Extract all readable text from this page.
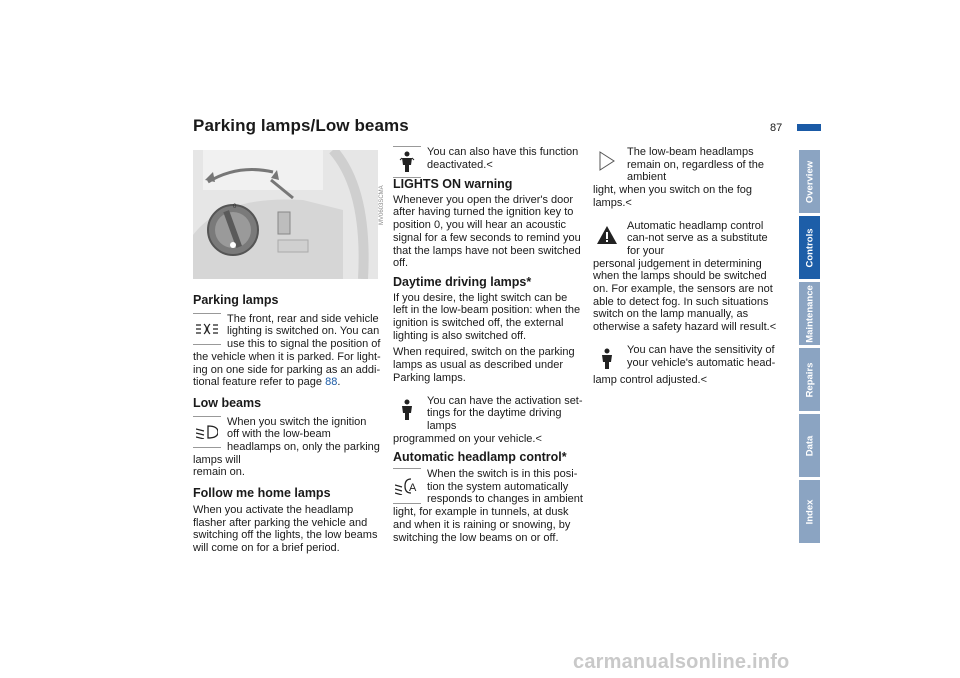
Parking lamps/Low beams	87
0	MV0603SCMA
Parking lamps

The front, rear and side vehicle lighting is switched on. You can use this to signal the position of

the vehicle when it is parked. For light-ing on one side for parking as an addi-tional feature refer to page 88.

Low beams

When you switch the ignition off with the low-beam headlamps on, only the parking lamps will

remain on.

Follow me home lamps

When you activate the headlamp flasher after parking the vehicle and switching off the lights, the low beams will come on for a brief period.

You can also have this function deactivated.<

LIGHTS ON warning

Whenever you open the driver's door after having turned the ignition key to position 0, you will hear an acoustic signal for a few seconds to remind you that the lamps have not been switched off.

Daytime driving lamps*

If you desire, the light switch can be left in the low-beam position: when the ignition is switched off, the external lighting is also switched off.

When required, switch on the parking lamps as usual as described under Parking lamps.

You can have the activation set-tings for the daytime driving lamps

programmed on your vehicle.<

Automatic headlamp control*
A

When the switch is in this posi-tion the system automatically responds to changes in ambient

light, for example in tunnels, at dusk and when it is raining or snowing, by switching the low beams on or off.

The low-beam headlamps remain on, regardless of the ambient

light, when you switch on the fog lamps.<

Automatic headlamp control can-not serve as a substitute for your

personal judgement in determining when the lamps should be switched on. For example, the sensors are not able to detect fog. In such situations switch on the lamp manually, as otherwise a safety hazard will result.<

You can have the sensitivity of your vehicle's automatic head-

lamp control adjusted.<

Overview
Controls
Maintenance
Repairs
Data
Index
carmanualsonline.info
